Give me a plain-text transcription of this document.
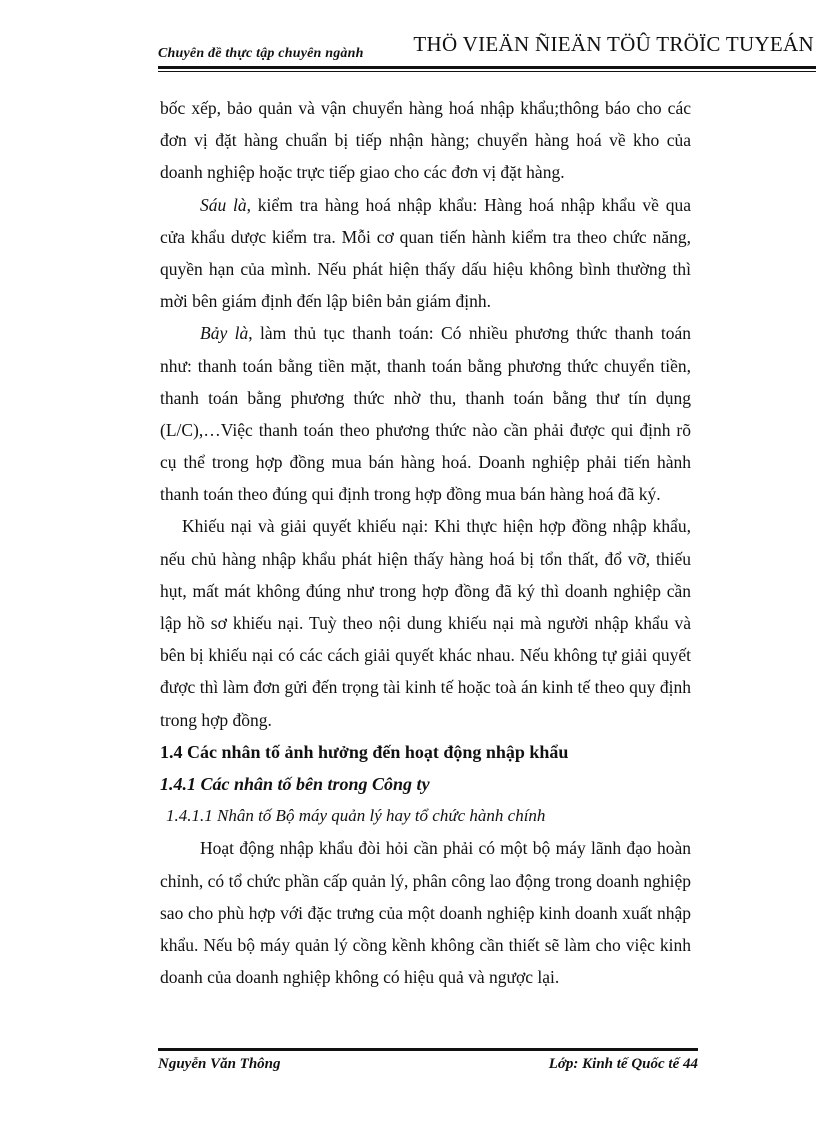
Chuyên đề thực tập chuyên ngành THÖ VIEÄN ÑIEÄN TÖÛ TRÖÏC TUYEÁN
bốc xếp, bảo quản và vận chuyển hàng hoá nhập khẩu;thông báo cho các
đơn vị đặt hàng chuẩn bị tiếp nhận hàng; chuyển hàng hoá về kho của
doanh nghiệp hoặc trực tiếp giao cho các đơn vị đặt hàng.
Sáu là, kiểm tra hàng hoá nhập khẩu: Hàng hoá nhập khẩu về qua
cửa khẩu dược kiểm tra. Mỗi cơ quan tiến hành kiểm tra theo chức năng,
quyền hạn của mình. Nếu phát hiện thấy dấu hiệu không bình thường thì
mời bên giám định đến lập biên bản giám định.
Bảy là, làm thủ tục thanh toán: Có nhiều phương thức thanh toán
như: thanh toán bằng tiền mặt, thanh toán bằng phương thức chuyển tiền,
thanh toán bằng phương thức nhờ thu, thanh toán bằng thư tín dụng
(L/C),…Việc thanh toán theo phương thức nào cần phải được qui định rõ
cụ thể trong hợp đồng mua bán hàng hoá. Doanh nghiệp phải tiến hành
thanh toán theo đúng qui định trong hợp đồng mua bán hàng hoá đã ký.
Khiếu nại và giải quyết khiếu nại: Khi thực hiện hợp đồng nhập khẩu,
nếu chủ hàng nhập khẩu phát hiện thấy hàng hoá bị tổn thất, đổ vỡ, thiếu
hụt, mất mát không đúng như trong hợp đồng đã ký thì doanh nghiệp cần
lập hồ sơ khiếu nại. Tuỳ theo nội dung khiếu nại mà người nhập khẩu và
bên bị khiếu nại có các cách giải quyết khác nhau. Nếu không tự giải quyết
được thì làm đơn gửi đến trọng tài kinh tế hoặc toà án kinh tế theo quy định
trong hợp đồng.
1.4 Các nhân tố ảnh hưởng đến hoạt động nhập khẩu
1.4.1 Các nhân tố bên trong Công ty
1.4.1.1 Nhân tố Bộ máy quản lý hay tổ chức hành chính
Hoạt động nhập khẩu đòi hỏi cần phải có một bộ máy lãnh đạo hoàn
chỉnh, có tổ chức phần cấp quản lý, phân công lao động trong doanh nghiệp
sao cho phù hợp với đặc trưng của một doanh nghiệp kinh doanh xuất nhập
khẩu. Nếu bộ máy quản lý cồng kềnh không cần thiết sẽ làm cho việc kinh
doanh của doanh nghiệp không có hiệu quả và ngược lại.
Nguyễn Văn Thông	Lớp: Kinh tế Quốc tế 44
